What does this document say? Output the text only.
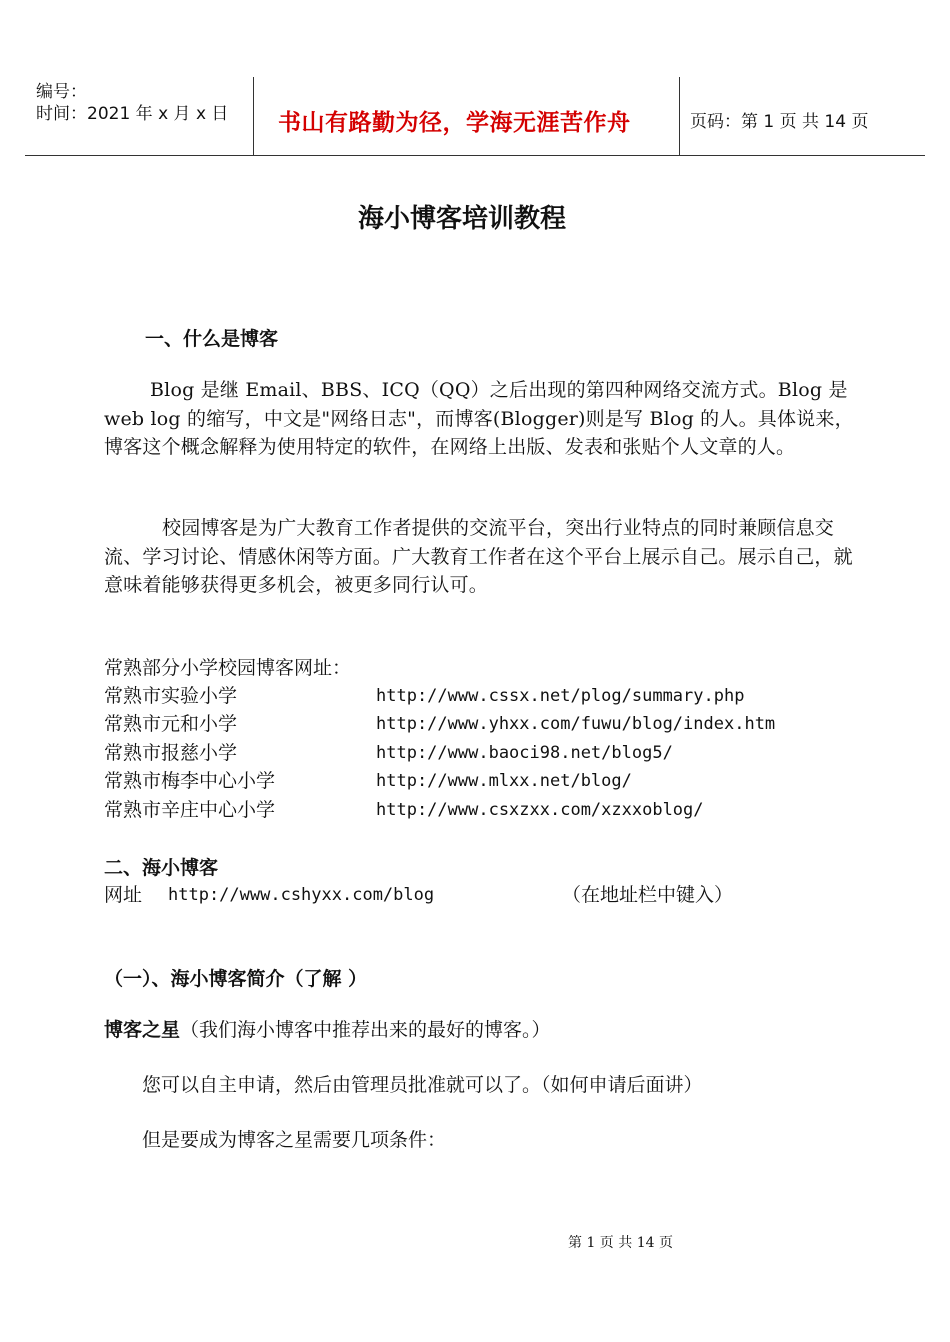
编号：
时间：2021 年 x 月 x 日 书山有路勤为径，学海无涯苦作舟	页码：第 1 页 共 14 页
海小博客培训教程
一、什么是博客
Blog 是继 Email、BBS、ICQ（QQ）之后出现的第四种网络交流方式。Blog 是 web log 的缩写，中文是"网络日志"，而博客(Blogger)则是写 Blog 的人。具体说来， 博客这个概念解释为使用特定的软件，在网络上出版、发表和张贴个人文章的人。
校园博客是为广大教育工作者提供的交流平台，突出行业特点的同时兼顾信息交流、学习讨论、情感休闲等方面。广大教育工作者在这个平台上展示自己。展示自己，就意味着能够获得更多机会，被更多同行认可。
常熟部分小学校园博客网址：
常熟市实验小学	http://www.cssx.net/plog/summary.php
常熟市元和小学	http://www.yhxx.com/fuwu/blog/index.htm
常熟市报慈小学	http://www.baoci98.net/blog5/
常熟市梅李中心小学	http://www.mlxx.net/blog/
常熟市辛庄中心小学	http://www.csxzxx.com/xzxxoblog/
二、海小博客
网址 http://www.cshyxx.com/blog	（在地址栏中键入）
（一）、海小博客简介（了解 ）
博客之星（我们海小博客中推荐出来的最好的博客。）
您可以自主申请，然后由管理员批准就可以了。（如何申请后面讲）
但是要成为博客之星需要几项条件：
第 1 页 共 14 页
